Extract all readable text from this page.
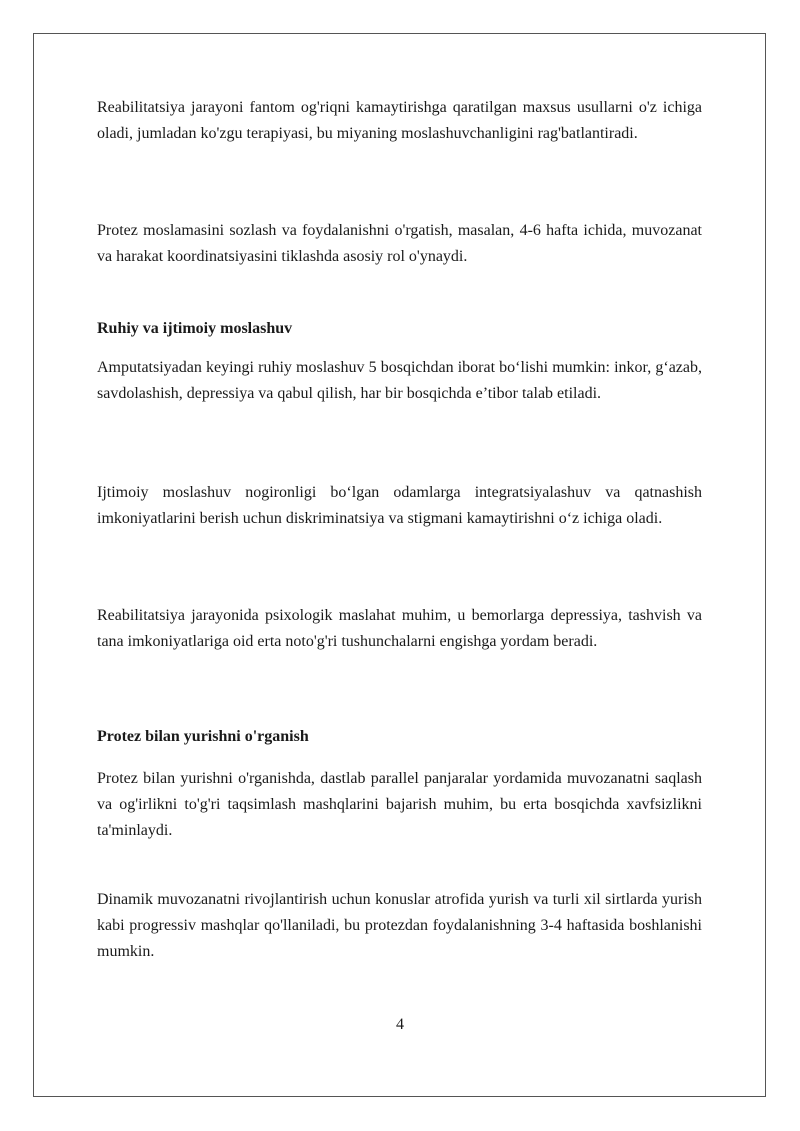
Reabilitatsiya jarayoni fantom og'riqni kamaytirishga qaratilgan maxsus usullarni o'z ichiga oladi, jumladan ko'zgu terapiyasi, bu miyaning moslashuvchanligini rag'batlantiradi.

Protez moslamasini sozlash va foydalanishni o'rgatish, masalan, 4-6 hafta ichida, muvozanat va harakat koordinatsiyasini tiklashda asosiy rol o'ynaydi.

Ruhiy va ijtimoiy moslashuv

Amputatsiyadan keyingi ruhiy moslashuv 5 bosqichdan iborat bo‘lishi mumkin: inkor, g‘azab, savdolashish, depressiya va qabul qilish, har bir bosqichda e’tibor talab etiladi.

Ijtimoiy moslashuv nogironligi bo‘lgan odamlarga integratsiyalashuv va qatnashish imkoniyatlarini berish uchun diskriminatsiya va stigmani kamaytirishni o‘z ichiga oladi.

Reabilitatsiya jarayonida psixologik maslahat muhim, u bemorlarga depressiya, tashvish va tana imkoniyatlariga oid erta noto'g'ri tushunchalarni engishga yordam beradi.

Protez bilan yurishni o'rganish

Protez bilan yurishni o'rganishda, dastlab parallel panjaralar yordamida muvozanatni saqlash va og'irlikni to'g'ri taqsimlash mashqlarini bajarish muhim, bu erta bosqichda xavfsizlikni ta'minlaydi.

Dinamik muvozanatni rivojlantirish uchun konuslar atrofida yurish va turli xil sirtlarda yurish kabi progressiv mashqlar qo'llaniladi, bu protezdan foydalanishning 3-4 haftasida boshlanishi mumkin.

4
